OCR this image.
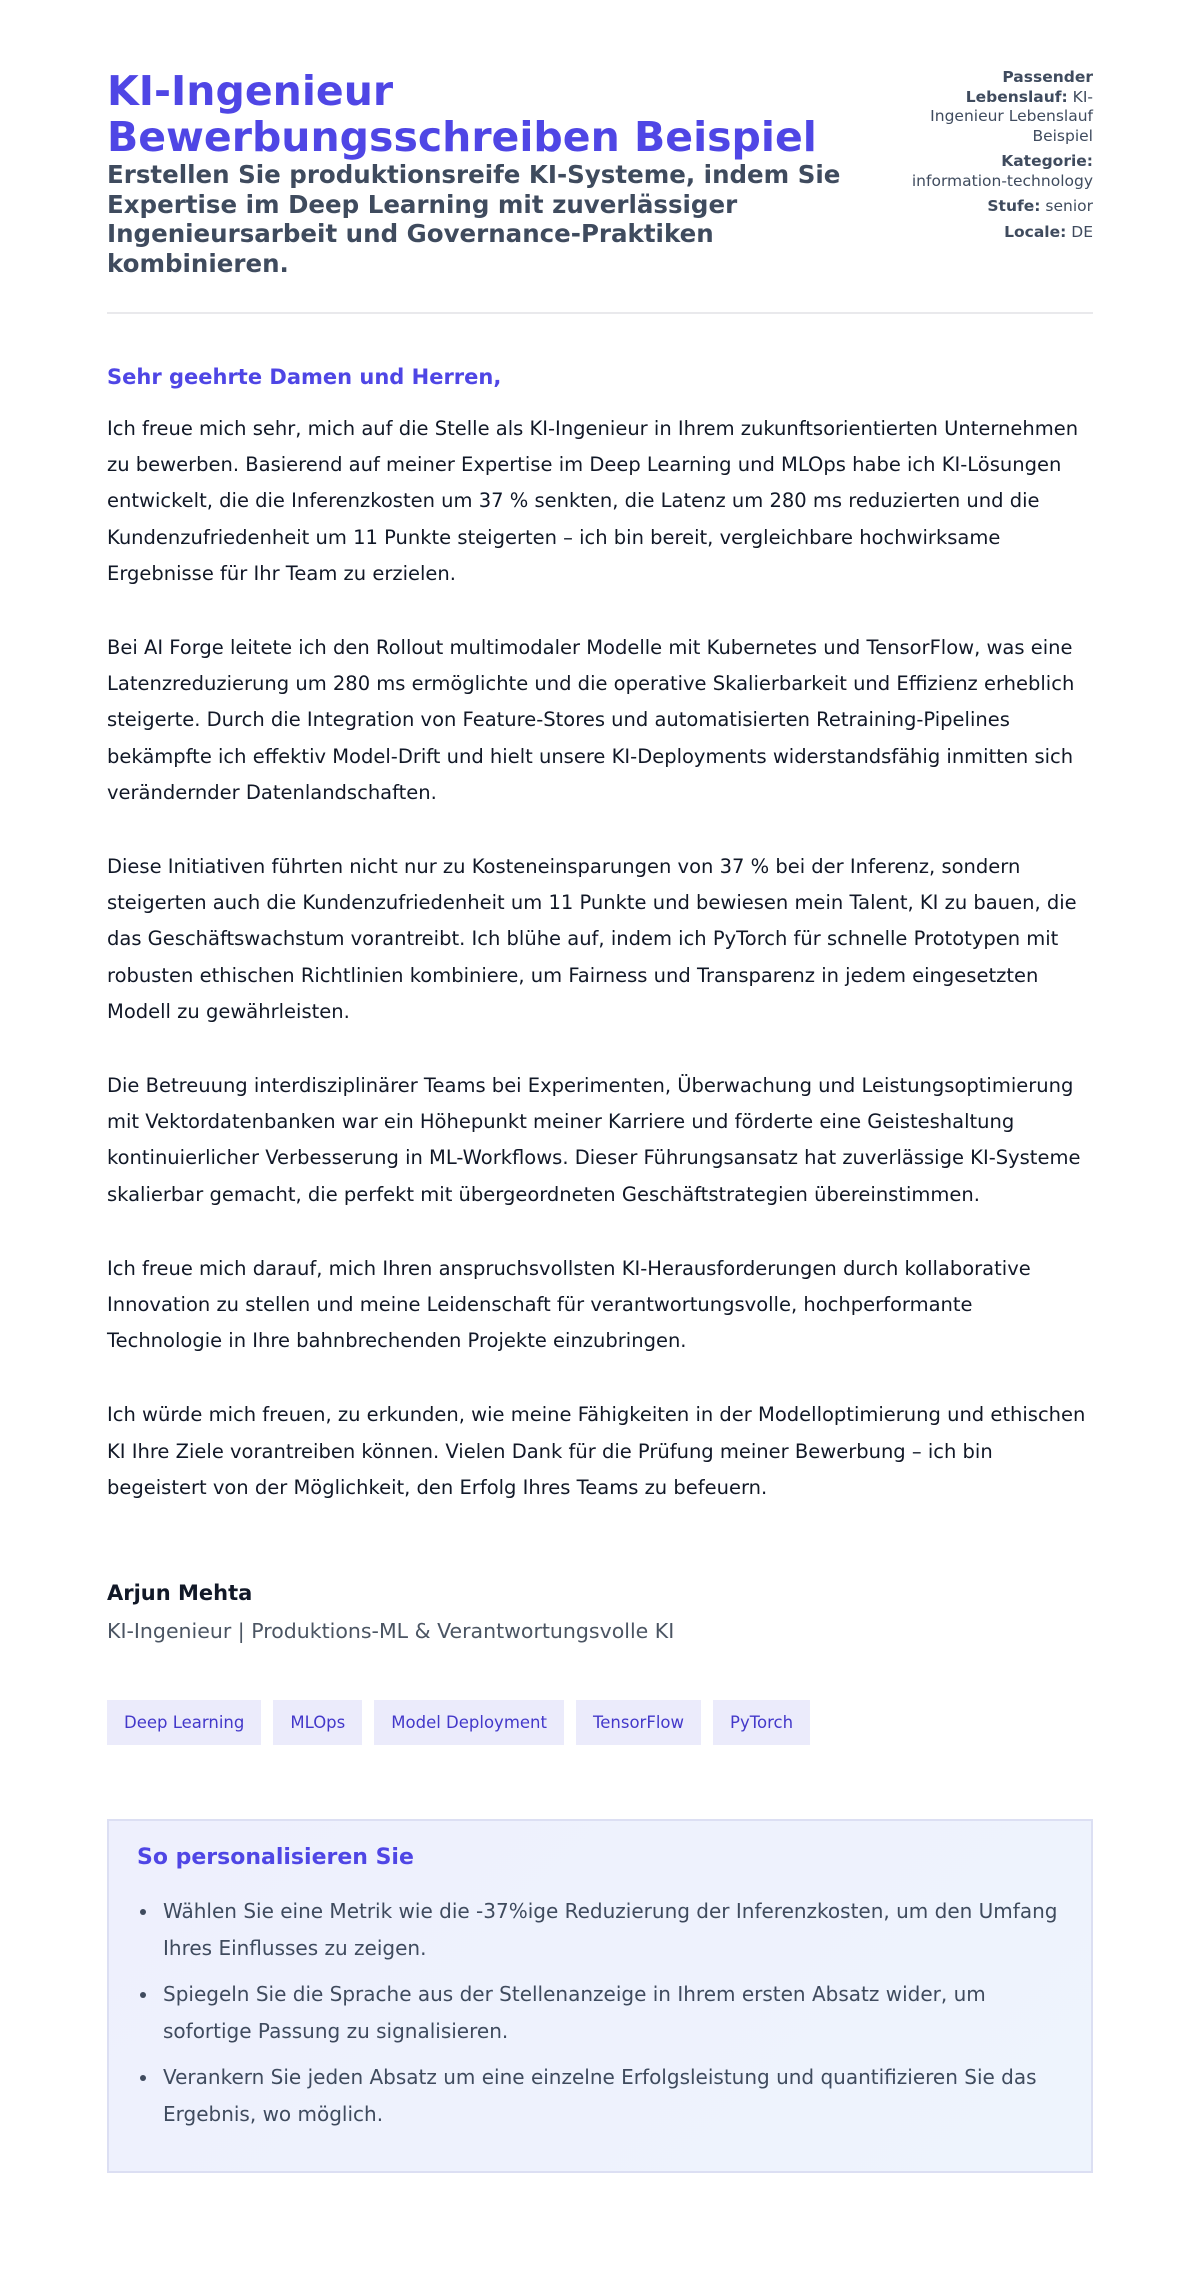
KI-Ingenieur Bewerbungsschreiben Beispiel
Erstellen Sie produktionsreife KI-Systeme, indem Sie Expertise im Deep Learning mit zuverlässiger Ingenieursarbeit und Governance-Praktiken kombinieren.
Passender Lebenslauf: KI-Ingenieur Lebenslauf Beispiel
Kategorie: information-technology
Stufe: senior
Locale: DE
Sehr geehrte Damen und Herren,

Ich freue mich sehr, mich auf die Stelle als KI-Ingenieur in Ihrem zukunftsorientierten Unternehmen zu bewerben. Basierend auf meiner Expertise im Deep Learning und MLOps habe ich KI-Lösungen entwickelt, die die Inferenzkosten um 37 % senkten, die Latenz um 280 ms reduzierten und die Kundenzufriedenheit um 11 Punkte steigerten – ich bin bereit, vergleichbare hochwirksame Ergebnisse für Ihr Team zu erzielen.

Bei AI Forge leitete ich den Rollout multimodaler Modelle mit Kubernetes und TensorFlow, was eine Latenzreduzierung um 280 ms ermöglichte und die operative Skalierbarkeit und Effizienz erheblich steigerte. Durch die Integration von Feature-Stores und automatisierten Retraining-Pipelines bekämpfte ich effektiv Model-Drift und hielt unsere KI-Deployments widerstandsfähig inmitten sich verändernder Datenlandschaften.

Diese Initiativen führten nicht nur zu Kosteneinsparungen von 37 % bei der Inferenz, sondern steigerten auch die Kundenzufriedenheit um 11 Punkte und bewiesen mein Talent, KI zu bauen, die das Geschäftswachstum vorantreibt. Ich blühe auf, indem ich PyTorch für schnelle Prototypen mit robusten ethischen Richtlinien kombiniere, um Fairness und Transparenz in jedem eingesetzten Modell zu gewährleisten.

Die Betreuung interdisziplinärer Teams bei Experimenten, Überwachung und Leistungsoptimierung mit Vektordatenbanken war ein Höhepunkt meiner Karriere und förderte eine Geisteshaltung kontinuierlicher Verbesserung in ML-Workflows. Dieser Führungsansatz hat zuverlässige KI-Systeme skalierbar gemacht, die perfekt mit übergeordneten Geschäftstrategien übereinstimmen.

Ich freue mich darauf, mich Ihren anspruchsvollsten KI-Herausforderungen durch kollaborative Innovation zu stellen und meine Leidenschaft für verantwortungsvolle, hochperformante Technologie in Ihre bahnbrechenden Projekte einzubringen.

Ich würde mich freuen, zu erkunden, wie meine Fähigkeiten in der Modelloptimierung und ethischen KI Ihre Ziele vorantreiben können. Vielen Dank für die Prüfung meiner Bewerbung – ich bin begeistert von der Möglichkeit, den Erfolg Ihres Teams zu befeuern.

Arjun Mehta
KI-Ingenieur | Produktions-ML & Verantwortungsvolle KI
Deep Learning	MLOps	Model Deployment	TensorFlow	PyTorch
So personalisieren Sie
Wählen Sie eine Metrik wie die -37%ige Reduzierung der Inferenzkosten, um den Umfang Ihres Einflusses zu zeigen.
Spiegeln Sie die Sprache aus der Stellenanzeige in Ihrem ersten Absatz wider, um sofortige Passung zu signalisieren.
Verankern Sie jeden Absatz um eine einzelne Erfolgsleistung und quantifizieren Sie das Ergebnis, wo möglich.
